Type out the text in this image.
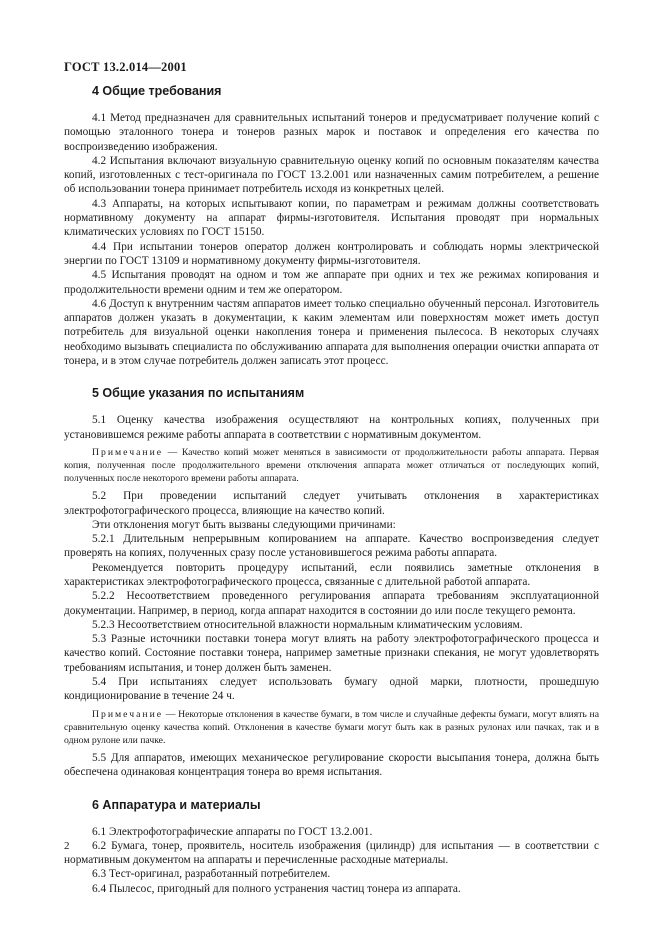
ГОСТ 13.2.014—2001
4 Общие требования

4.1 Метод предназначен для сравнительных испытаний тонеров и предусматривает получение копий с помощью эталонного тонера и тонеров разных марок и поставок и определения его качества по воспроизведению изображения.

4.2 Испытания включают визуальную сравнительную оценку копий по основным показателям качества копий, изготовленных с тест-оригинала по ГОСТ 13.2.001 или назначенных самим потребителем, а решение об использовании тонера принимает потребитель исходя из конкретных целей.

4.3 Аппараты, на которых испытывают копии, по параметрам и режимам должны соответствовать нормативному документу на аппарат фирмы-изготовителя. Испытания проводят при нормальных климатических условиях по ГОСТ 15150.

4.4 При испытании тонеров оператор должен контролировать и соблюдать нормы электрической энергии по ГОСТ 13109 и нормативному документу фирмы-изготовителя.

4.5 Испытания проводят на одном и том же аппарате при одних и тех же режимах копирования и продолжительности времени одним и тем же оператором.

4.6 Доступ к внутренним частям аппаратов имеет только специально обученный персонал. Изготовитель аппаратов должен указать в документации, к каким элементам или поверхностям может иметь доступ потребитель для визуальной оценки накопления тонера и применения пылесоса. В некоторых случаях необходимо вызывать специалиста по обслуживанию аппарата для выполнения операции очистки аппарата от тонера, и в этом случае потребитель должен записать этот процесс.

5 Общие указания по испытаниям

5.1 Оценку качества изображения осуществляют на контрольных копиях, полученных при установившемся режиме работы аппарата в соответствии с нормативным документом.

Примечание — Качество копий может меняться в зависимости от продолжительности работы аппарата. Первая копия, полученная после продолжительного времени отключения аппарата может отличаться от последующих копий, полученных после некоторого времени работы аппарата.

5.2 При проведении испытаний следует учитывать отклонения в характеристиках электрофотографического процесса, влияющие на качество копий.

Эти отклонения могут быть вызваны следующими причинами:

5.2.1 Длительным непрерывным копированием на аппарате. Качество воспроизведения следует проверять на копиях, полученных сразу после установившегося режима работы аппарата.

Рекомендуется повторить процедуру испытаний, если появились заметные отклонения в характеристиках электрофотографического процесса, связанные с длительной работой аппарата.

5.2.2 Несоответствием проведенного регулирования аппарата требованиям эксплуатационной документации. Например, в период, когда аппарат находится в состоянии до или после текущего ремонта.

5.2.3 Несоответствием относительной влажности нормальным климатическим условиям.

5.3 Разные источники поставки тонера могут влиять на работу электрофотографического процесса и качество копий. Состояние поставки тонера, например заметные признаки спекания, не могут удовлетворять требованиям испытания, и тонер должен быть заменен.

5.4 При испытаниях следует использовать бумагу одной марки, плотности, прошедшую кондиционирование в течение 24 ч.

Примечание — Некоторые отклонения в качестве бумаги, в том числе и случайные дефекты бумаги, могут влиять на сравнительную оценку качества копий. Отклонения в качестве бумаги могут быть как в разных рулонах или пачках, так и в одном рулоне или пачке.

5.5 Для аппаратов, имеющих механическое регулирование скорости высыпания тонера, должна быть обеспечена одинаковая концентрация тонера во время испытания.

6 Аппаратура и материалы

6.1 Электрофотографические аппараты по ГОСТ 13.2.001.

6.2 Бумага, тонер, проявитель, носитель изображения (цилиндр) для испытания — в соответствии с нормативным документом на аппараты и перечисленные расходные материалы.

6.3 Тест-оригинал, разработанный потребителем.

6.4 Пылесос, пригодный для полного устранения частиц тонера из аппарата.

2
